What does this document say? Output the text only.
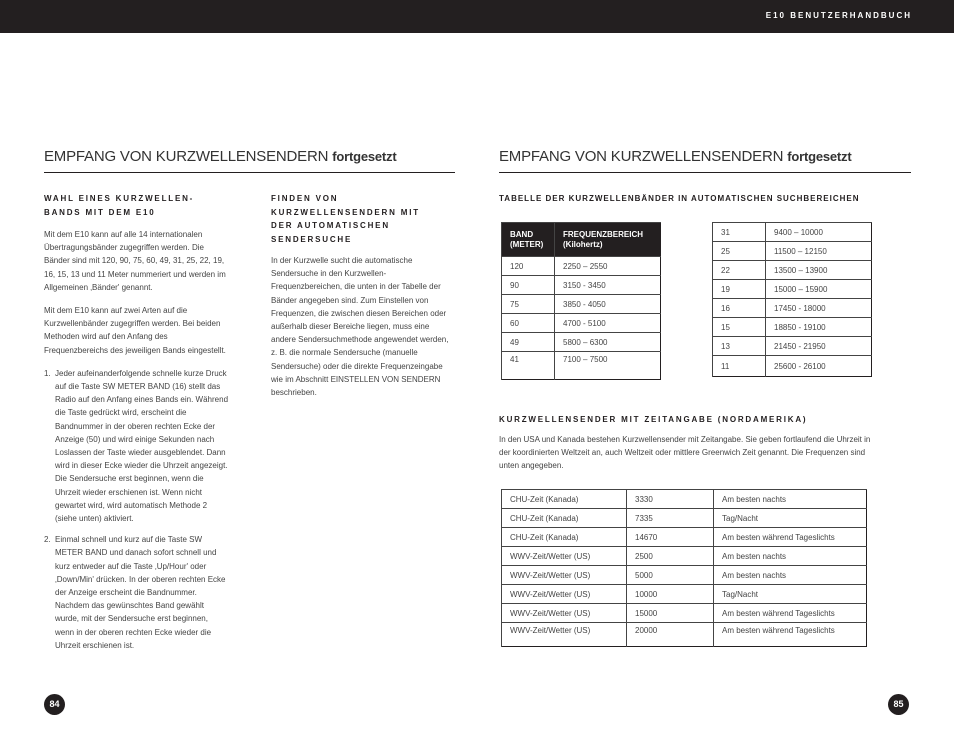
E10 BENUTZERHANDBUCH
EMPFANG VON KURZWELLENSENDERN fortgesetzt
WAHL EINES KURZWELLEN-BANDS MIT DEM E10

Mit dem E10 kann auf alle 14 internationalen Übertragungsbänder zugegriffen werden. Die Bänder sind mit 120, 90, 75, 60, 49, 31, 25, 22, 19, 16, 15, 13 und 11 Meter nummeriert und werden im Allgemeinen ‚Bänder' genannt.

Mit dem E10 kann auf zwei Arten auf die Kurzwellenbänder zugegriffen werden. Bei beiden Methoden wird auf den Anfang des Frequenzbereichs des jeweiligen Bands eingestellt.

1. Jeder aufeinanderfolgende schnelle kurze Druck auf die Taste SW METER BAND (16) stellt das Radio auf den Anfang eines Bands ein. Während die Taste gedrückt wird, erscheint die Bandnummer in der oberen rechten Ecke der Anzeige (50) und wird einige Sekunden nach Loslassen der Taste wieder ausgeblendet. Dann wird in dieser Ecke wieder die Uhrzeit angezeigt. Die Sendersuche erst beginnen, wenn die Uhrzeit wieder erschienen ist. Wenn nicht gewartet wird, wird automatisch Methode 2 (siehe unten) aktiviert.
2. Einmal schnell und kurz auf die Taste SW METER BAND und danach sofort schnell und kurz entweder auf die Taste ‚Up/Hour' oder ‚Down/Min' drücken. In der oberen rechten Ecke der Anzeige erscheint die Bandnummer. Nachdem das gewünschtes Band gewählt wurde, mit der Sendersuche erst beginnen, wenn in der oberen rechten Ecke wieder die Uhrzeit erschienen ist.
FINDEN VON KURZWELLENSENDERN MIT DER AUTOMATISCHEN SENDERSUCHE

In der Kurzwelle sucht die automatische Sendersuche in den Kurzwellen-Frequenzbereichen, die unten in der Tabelle der Bänder angegeben sind. Zum Einstellen von Frequenzen, die zwischen diesen Bereichen oder außerhalb dieser Bereiche liegen, muss eine andere Sendersuchmethode angewendet werden, z. B. die normale Sendersuche (manuelle Sendersuche) oder die direkte Frequenzeingabe wie im Abschnitt EINSTELLEN VON SENDERN beschrieben.

84
EMPFANG VON KURZWELLENSENDERN fortgesetzt
TABELLE DER KURZWELLENBÄNDER IN AUTOMATISCHEN SUCHBEREICHEN
BAND (METER)	FREQUENZBEREICH (Kilohertz)
120	2250 – 2550
90	3150 - 3450
75	3850 - 4050
60	4700 - 5100
49	5800 – 6300
41	7100 – 7500
31	9400 – 10000
25	11500 – 12150
22	13500 – 13900
19	15000 – 15900
16	17450 - 18000
15	18850 - 19100
13	21450 - 21950
11	25600 - 26100
KURZWELLENSENDER MIT ZEITANGABE (NORDAMERIKA)

In den USA und Kanada bestehen Kurzwellensender mit Zeitangabe. Sie geben fortlaufend die Uhrzeit in der koordinierten Weltzeit an, auch Weltzeit oder mittlere Greenwich Zeit genannt. Die Frequenzen sind unten angegeben.

CHU-Zeit (Kanada)	3330	Am besten nachts
CHU-Zeit (Kanada)	7335	Tag/Nacht
CHU-Zeit (Kanada)	14670	Am besten während Tageslichts
WWV-Zeit/Wetter (US)	2500	Am besten nachts
WWV-Zeit/Wetter (US)	5000	Am besten nachts
WWV-Zeit/Wetter (US)	10000	Tag/Nacht
WWV-Zeit/Wetter (US)	15000	Am besten während Tageslichts
WWV-Zeit/Wetter (US)	20000	Am besten während Tageslichts
85
